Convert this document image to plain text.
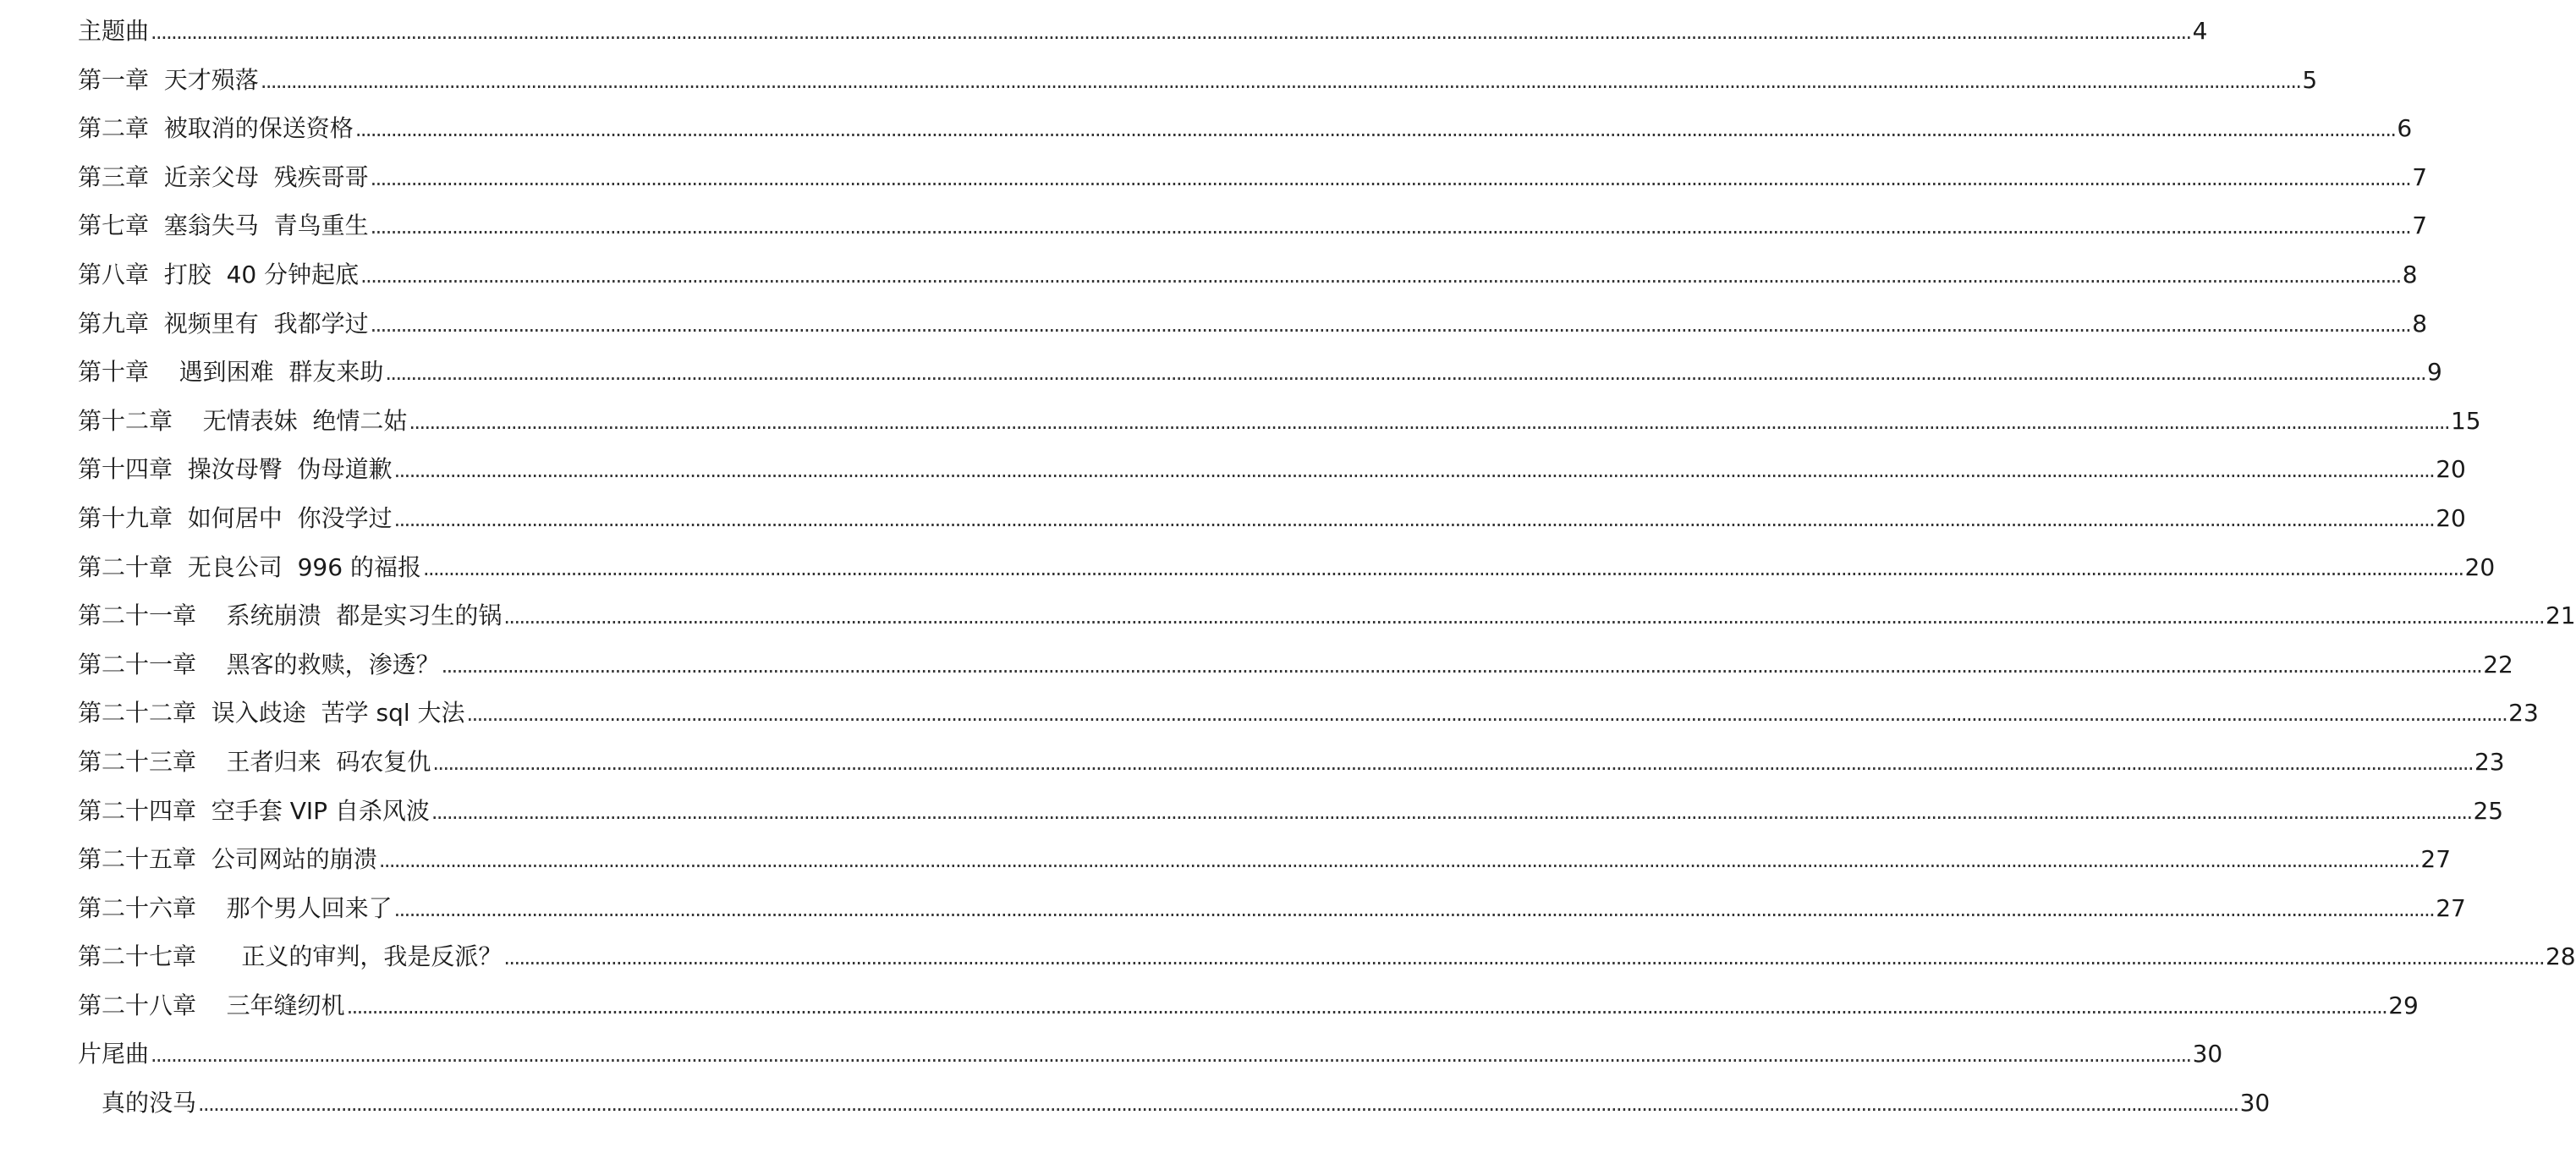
主题曲 ................................................................................................................................................................................................................................................................................................................................................................................................................ 4
第一章  天才殒落 ................................................................................................................................................................................................................................................................................................................................................................................................................ 5
第二章  被取消的保送资格 ................................................................................................................................................................................................................................................................................................................................................................................................................ 6
第三章  近亲父母  残疾哥哥 ................................................................................................................................................................................................................................................................................................................................................................................................................ 7
第七章  塞翁失马  青鸟重生 ................................................................................................................................................................................................................................................................................................................................................................................................................ 7
第八章  打胶  40 分钟起底 ................................................................................................................................................................................................................................................................................................................................................................................................................ 8
第九章  视频里有  我都学过 ................................................................................................................................................................................................................................................................................................................................................................................................................ 8
第十章    遇到困难  群友来助 ................................................................................................................................................................................................................................................................................................................................................................................................................ 9
第十二章    无情表妹  绝情二姑 ................................................................................................................................................................................................................................................................................................................................................................................................................ 15
第十四章  操汝母臀  伪母道歉 ................................................................................................................................................................................................................................................................................................................................................................................................................ 20
第十九章  如何居中  你没学过 ................................................................................................................................................................................................................................................................................................................................................................................................................ 20
第二十章  无良公司  996 的福报 ................................................................................................................................................................................................................................................................................................................................................................................................................ 20
第二十一章    系统崩溃  都是实习生的锅 ................................................................................................................................................................................................................................................................................................................................................................................................................ 21
第二十一章    黑客的救赎，渗透？ ................................................................................................................................................................................................................................................................................................................................................................................................................ 22
第二十二章  误入歧途  苦学 sql 大法 ................................................................................................................................................................................................................................................................................................................................................................................................................ 23
第二十三章    王者归来  码农复仇 ................................................................................................................................................................................................................................................................................................................................................................................................................ 23
第二十四章  空手套 VIP 自杀风波 ................................................................................................................................................................................................................................................................................................................................................................................................................ 25
第二十五章  公司网站的崩溃 ................................................................................................................................................................................................................................................................................................................................................................................................................ 27
第二十六章    那个男人回来了 ................................................................................................................................................................................................................................................................................................................................................................................................................ 27
第二十七章      正义的审判，我是反派？ ................................................................................................................................................................................................................................................................................................................................................................................................................ 28
第二十八章    三年缝纫机 ................................................................................................................................................................................................................................................................................................................................................................................................................ 29
片尾曲 ................................................................................................................................................................................................................................................................................................................................................................................................................ 30
真的没马 ................................................................................................................................................................................................................................................................................................................................................................................................................ 30
